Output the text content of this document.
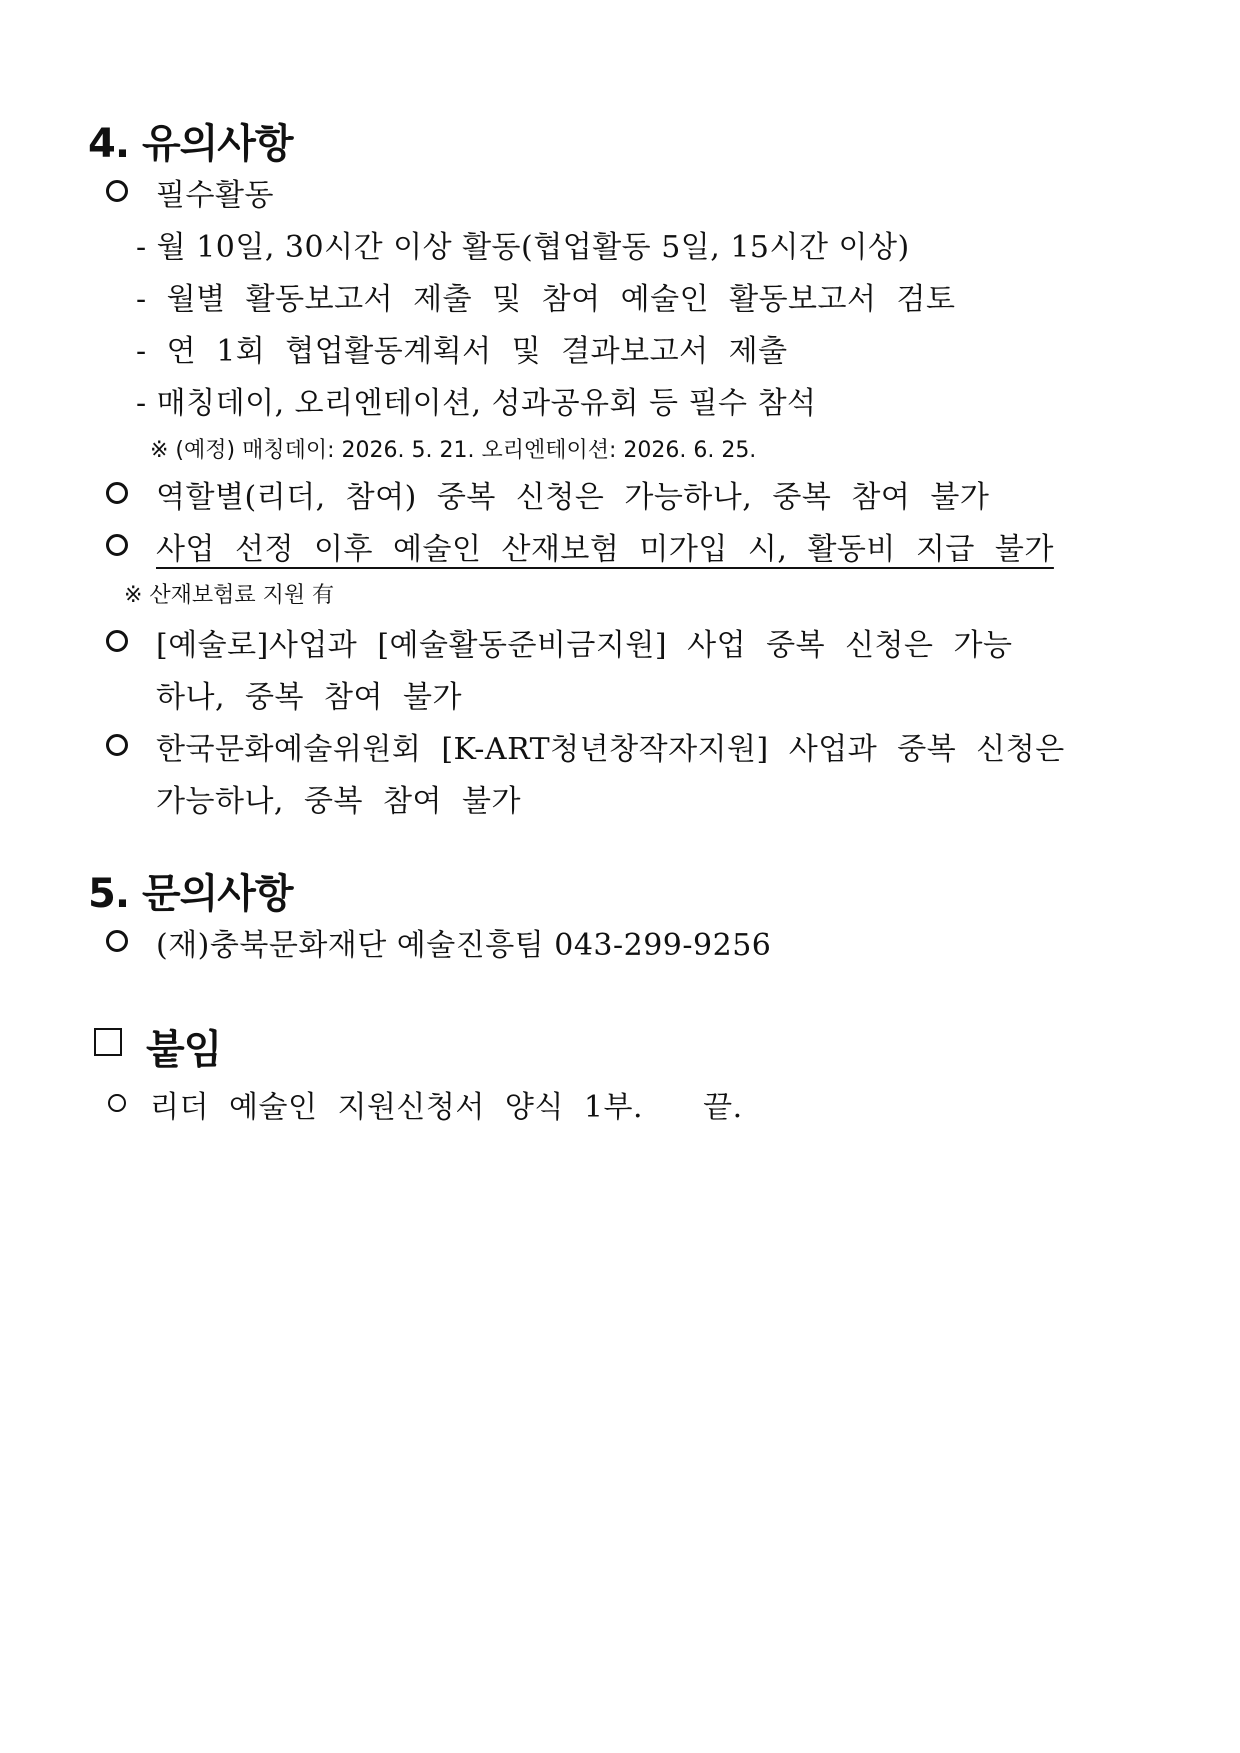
4. 유의사항
필수활동
- 월 10일, 30시간 이상 활동(협업활동 5일, 15시간 이상)
- 월별 활동보고서 제출 및 참여 예술인 활동보고서 검토
- 연 1회 협업활동계획서 및 결과보고서 제출
- 매칭데이, 오리엔테이션, 성과공유회 등 필수 참석
※ (예정) 매칭데이: 2026. 5. 21. 오리엔테이션: 2026. 6. 25.
역할별(리더, 참여) 중복 신청은 가능하나, 중복 참여 불가
사업 선정 이후 예술인 산재보험 미가입 시, 활동비 지급 불가
※ 산재보험료 지원 有
[예술로]사업과 [예술활동준비금지원] 사업 중복 신청은 가능
하나, 중복 참여 불가
한국문화예술위원회 [K-ART청년창작자지원] 사업과 중복 신청은
가능하나, 중복 참여 불가
5. 문의사항
(재)충북문화재단 예술진흥팀 043-299-9256
붙임
리더 예술인 지원신청서 양식 1부.   끝.
